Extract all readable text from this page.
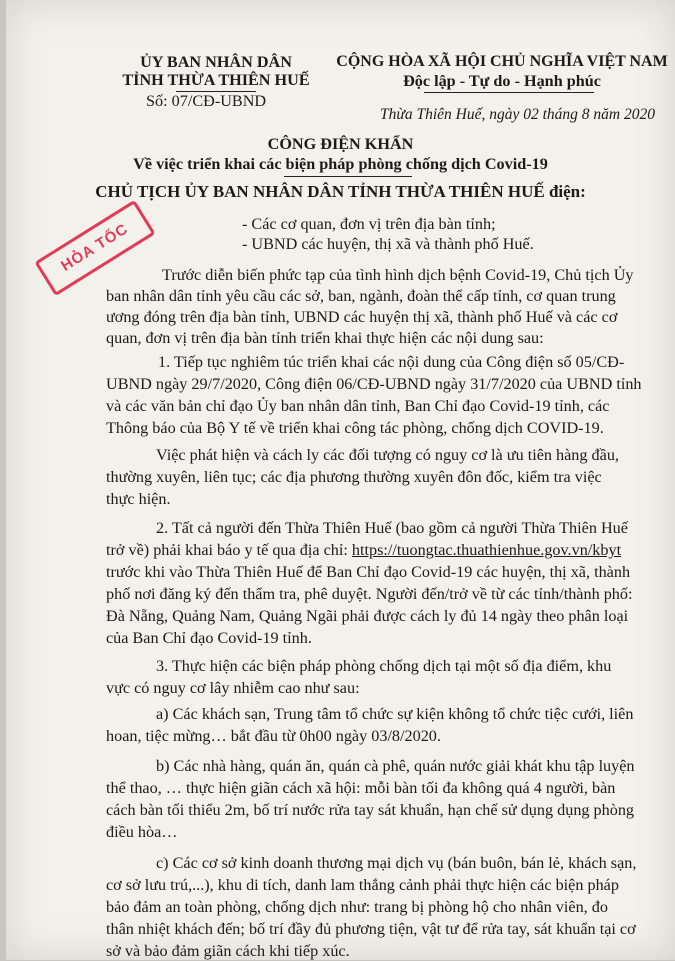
ỦY BAN NHÂN DÂN
TỈNH THỪA THIÊN HUẾ
Số: 07/CĐ-UBND
CỘNG HÒA XÃ HỘI CHỦ NGHĨA VIỆT NAM
Độc lập - Tự do - Hạnh phúc
Thừa Thiên Huế, ngày 02 tháng 8 năm 2020
CÔNG ĐIỆN KHẨN
Về việc triển khai các biện pháp phòng chống dịch Covid-19
CHỦ TỊCH ỦY BAN NHÂN DÂN TỈNH THỪA THIÊN HUẾ điện:
HỎA TỐC	- Các cơ quan, đơn vị trên địa bàn tỉnh;
- UBND các huyện, thị xã và thành phố Huế.
Trước diễn biến phức tạp của tình hình dịch bệnh Covid-19, Chủ tịch Ủy
ban nhân dân tỉnh yêu cầu các sở, ban, ngành, đoàn thể cấp tỉnh, cơ quan trung
ương đóng trên địa bàn tỉnh, UBND các huyện thị xã, thành phố Huế và các cơ
quan, đơn vị trên địa bàn tỉnh triển khai thực hiện các nội dung sau:
1. Tiếp tục nghiêm túc triển khai các nội dung của Công điện số 05/CĐ-
UBND ngày 29/7/2020, Công điện 06/CĐ-UBND ngày 31/7/2020 của UBND tỉnh
và các văn bản chỉ đạo Ủy ban nhân dân tỉnh, Ban Chỉ đạo Covid-19 tỉnh, các
Thông báo của Bộ Y tế về triển khai công tác phòng, chống dịch COVID-19.
Việc phát hiện và cách ly các đối tượng có nguy cơ là ưu tiên hàng đầu,
thường xuyên, liên tục; các địa phương thường xuyên đôn đốc, kiểm tra việc
thực hiện.
2. Tất cả người đến Thừa Thiên Huế (bao gồm cả người Thừa Thiên Huế
trở về) phải khai báo y tế qua địa chỉ: https://tuongtac.thuathienhue.gov.vn/kbyt
trước khi vào Thừa Thiên Huế để Ban Chỉ đạo Covid-19 các huyện, thị xã, thành
phố nơi đăng ký đến thẩm tra, phê duyệt. Người đến/trở về từ các tỉnh/thành phố:
Đà Nẵng, Quảng Nam, Quảng Ngãi phải được cách ly đủ 14 ngày theo phân loại
của Ban Chỉ đạo Covid-19 tỉnh.
3. Thực hiện các biện pháp phòng chống dịch tại một số địa điểm, khu
vực có nguy cơ lây nhiễm cao như sau:
a) Các khách sạn, Trung tâm tổ chức sự kiện không tổ chức tiệc cưới, liên
hoan, tiệc mừng… bắt đầu từ 0h00 ngày 03/8/2020.
b) Các nhà hàng, quán ăn, quán cà phê, quán nước giải khát khu tập luyện
thể thao, … thực hiện giãn cách xã hội: mỗi bàn tối đa không quá 4 người, bàn
cách bàn tối thiểu 2m, bố trí nước rửa tay sát khuẩn, hạn chế sử dụng dụng phòng
điều hòa…
c) Các cơ sở kinh doanh thương mại dịch vụ (bán buôn, bán lẻ, khách sạn,
cơ sở lưu trú,...), khu di tích, danh lam thắng cảnh phải thực hiện các biện pháp
bảo đảm an toàn phòng, chống dịch như: trang bị phòng hộ cho nhân viên, đo
thân nhiệt khách đến; bố trí đầy đủ phương tiện, vật tư để rửa tay, sát khuẩn tại cơ
sở và bảo đảm giãn cách khi tiếp xúc.
